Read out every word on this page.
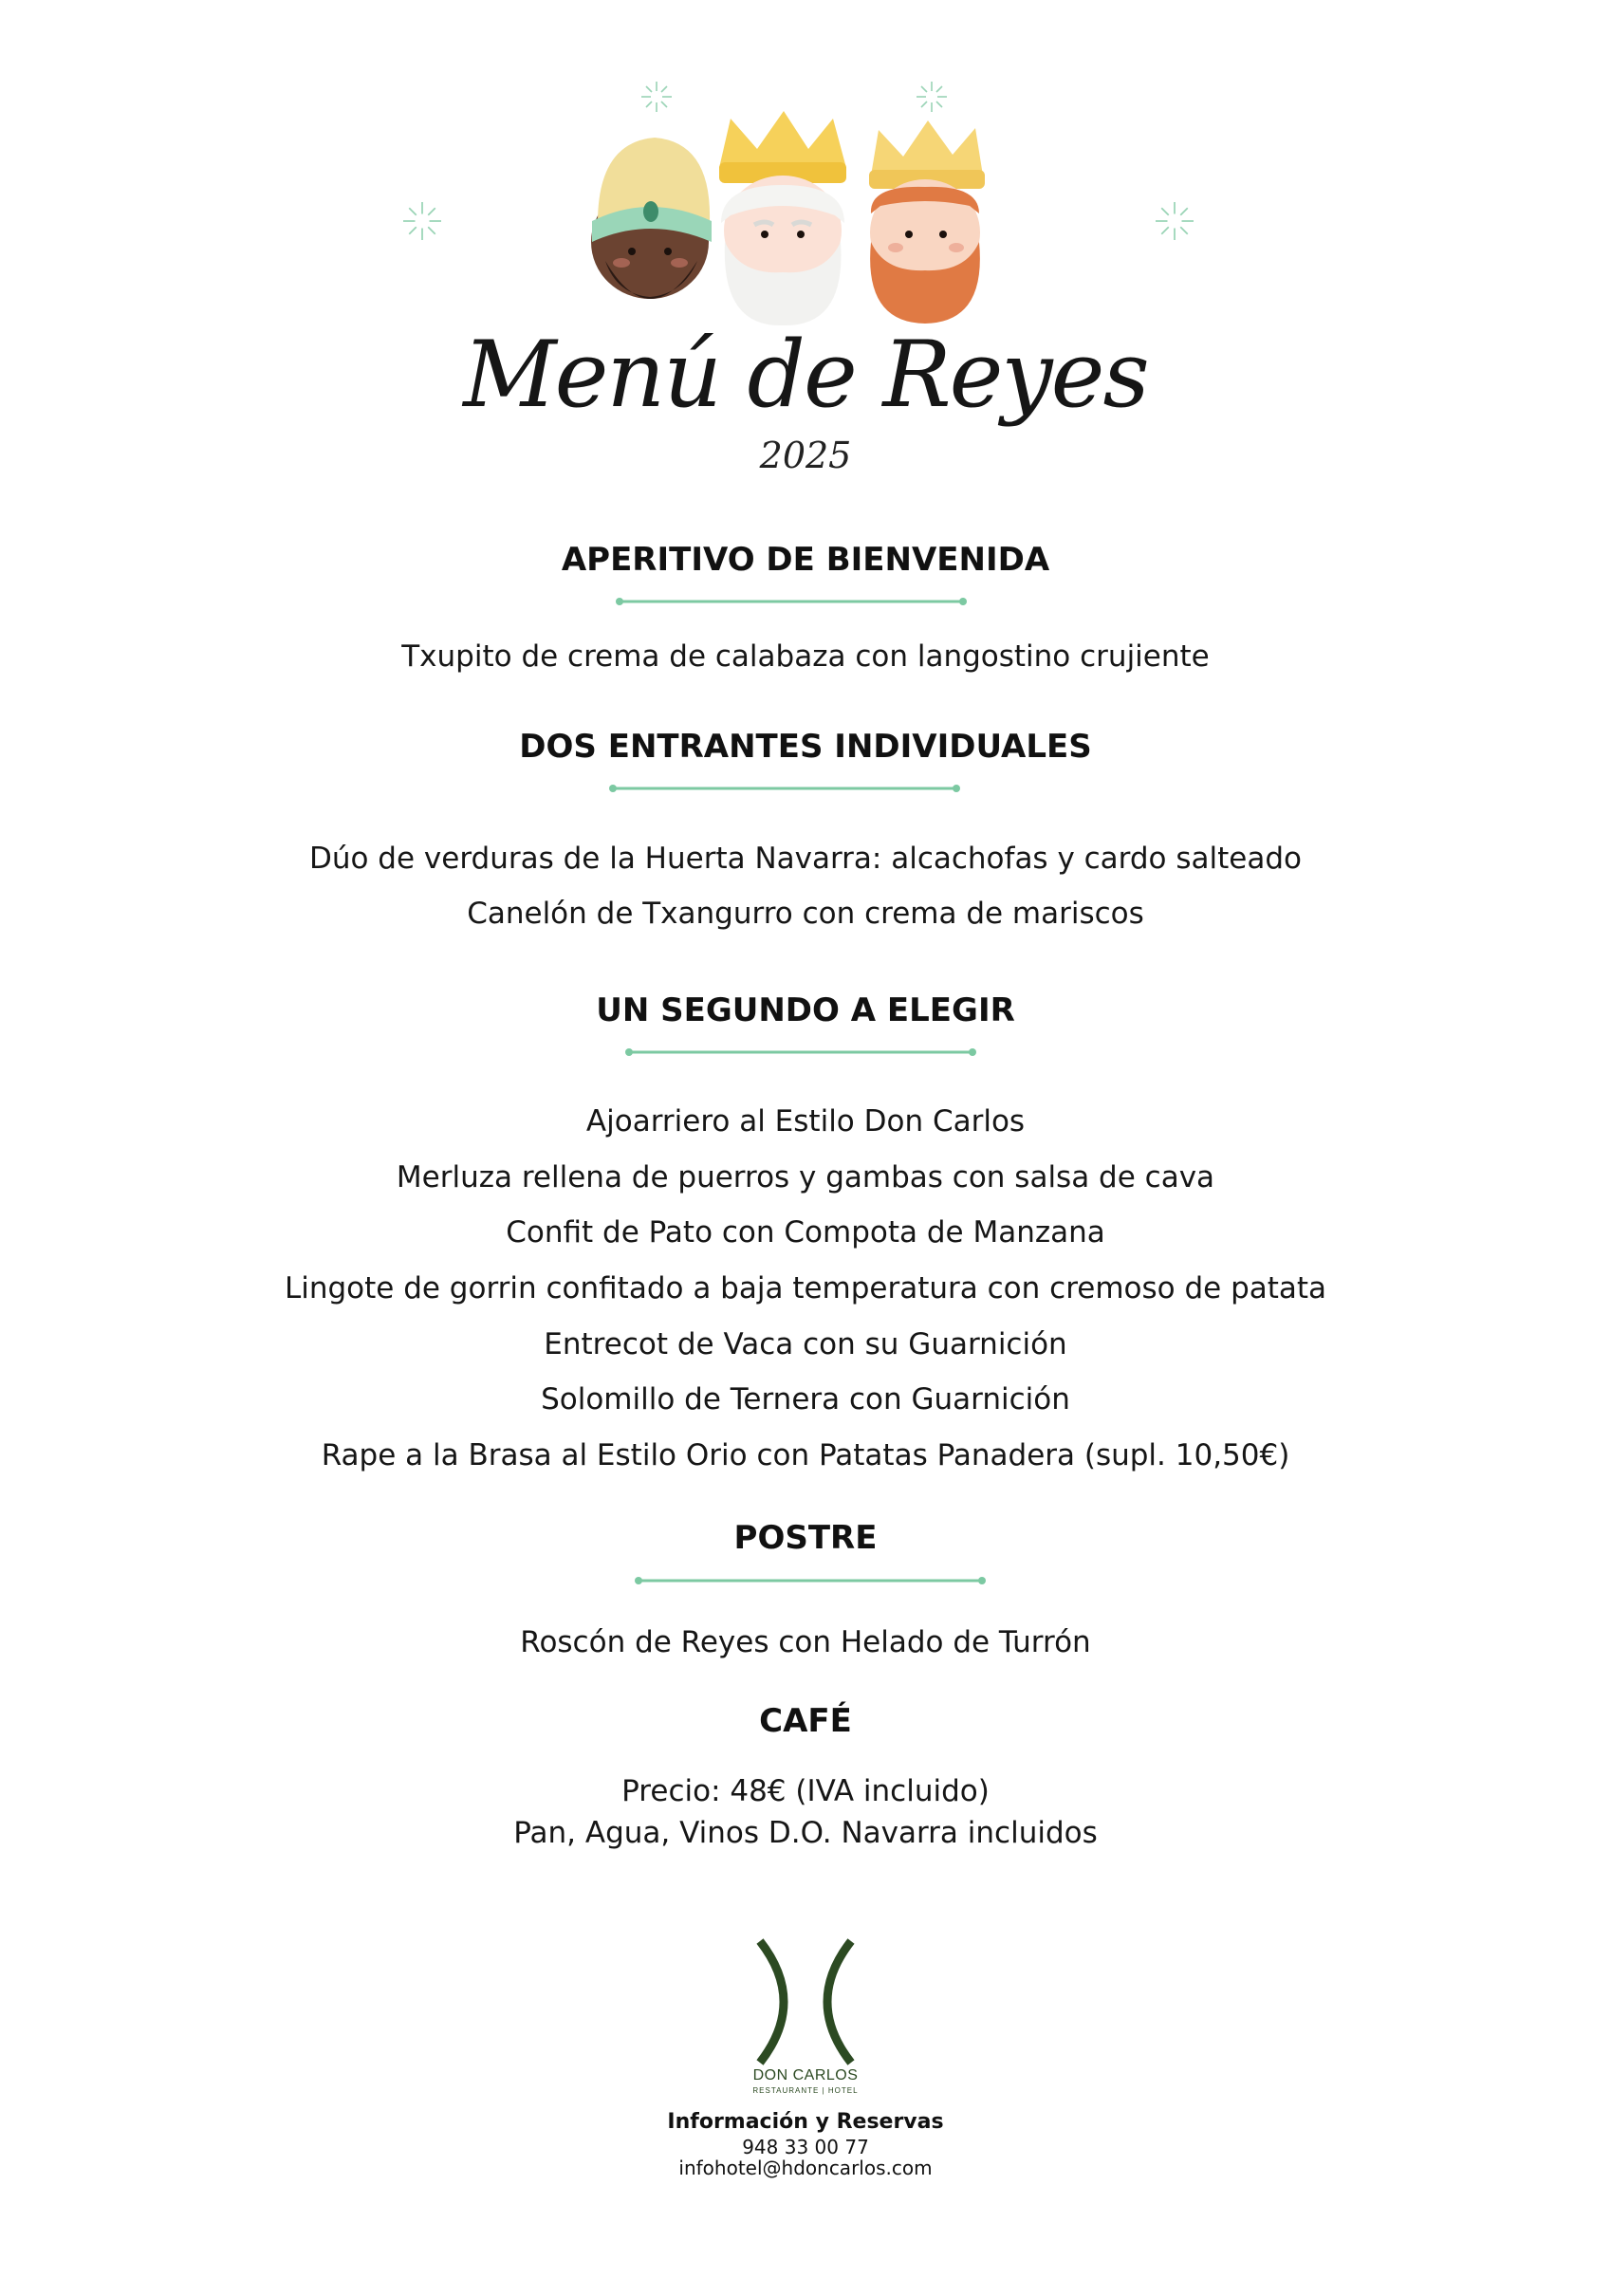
Menú de Reyes
2025
APERITIVO DE BIENVENIDA
Txupito de crema de calabaza con langostino crujiente
DOS ENTRANTES INDIVIDUALES
Dúo de verduras de la Huerta Navarra: alcachofas y cardo salteado
Canelón de Txangurro con crema de mariscos
UN SEGUNDO A ELEGIR
Ajoarriero al Estilo Don Carlos
Merluza rellena de puerros y gambas con salsa de cava
Confit de Pato con Compota de Manzana
Lingote de gorrin confitado a baja temperatura con cremoso de patata
Entrecot de Vaca con su Guarnición
Solomillo de Ternera con Guarnición
Rape a la Brasa al Estilo Orio con Patatas Panadera (supl. 10,50€)
POSTRE
Roscón de Reyes con Helado de Turrón
CAFÉ
Precio: 48€ (IVA incluido)
Pan, Agua, Vinos D.O. Navarra incluidos
DON CARLOS
RESTAURANTE | HOTEL
Información y Reservas
948 33 00 77
infohotel@hdoncarlos.com
